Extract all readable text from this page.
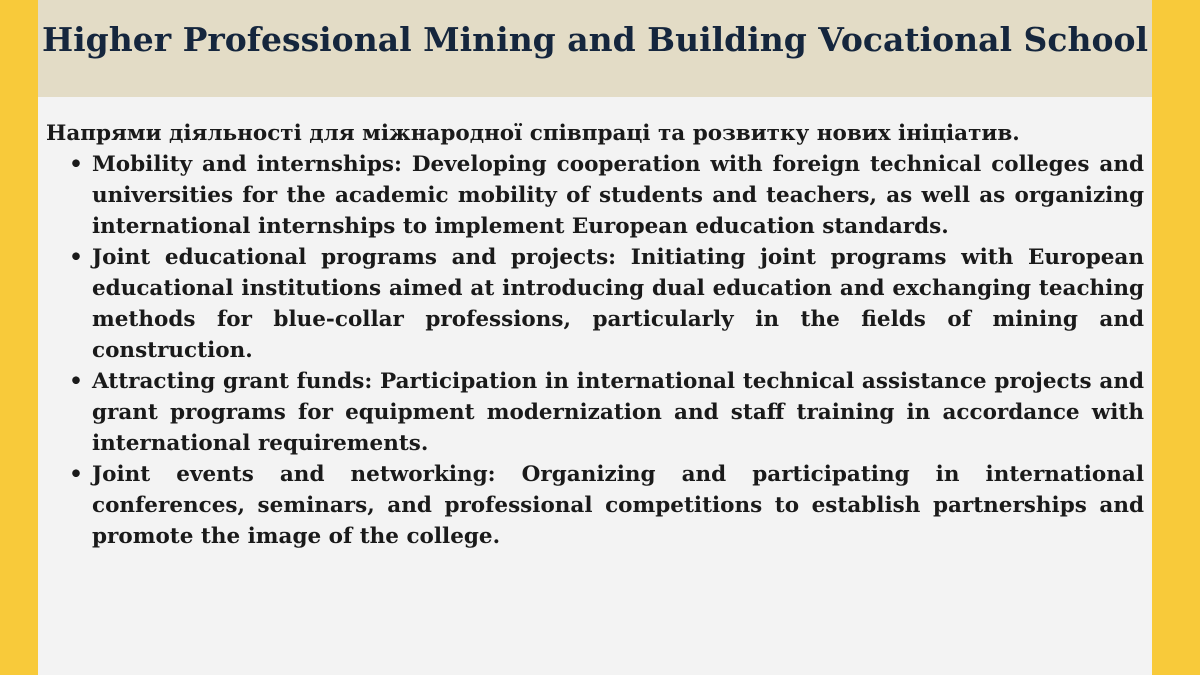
Higher Professional Mining and Building Vocational School

Напрями діяльності для міжнародної співпраці та розвитку нових ініціатив.

• Mobility and internships: Developing cooperation with foreign technical colleges and universities for the academic mobility of students and teachers, as well as organizing international internships to implement European education standards.
• Joint educational programs and projects: Initiating joint programs with European educational institutions aimed at introducing dual education and exchanging teaching methods for blue-collar professions, particularly in the fields of mining and construction.
• Attracting grant funds: Participation in international technical assistance projects and grant programs for equipment modernization and staff training in accordance with international requirements.
• Joint events and networking: Organizing and participating in international conferences, seminars, and professional competitions to establish partnerships and promote the image of the college.
